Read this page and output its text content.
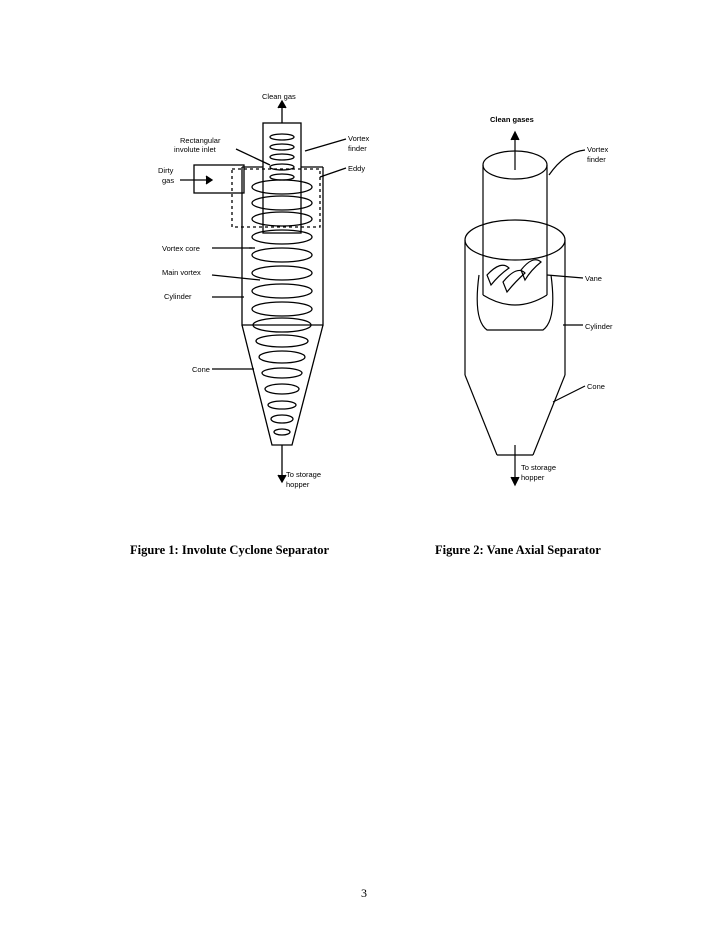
Clean gas
Rectangular
involute inlet
Dirty
gas
Vortex
finder
Eddy
Vortex core
Main vortex
Cylinder
Cone
To storage
hopper
Clean gases
Vortex
finder
Vane
Cylinder
Cone
To storage
hopper
Figure 1: Involute Cyclone Separator	Figure 2: Vane Axial Separator
3
